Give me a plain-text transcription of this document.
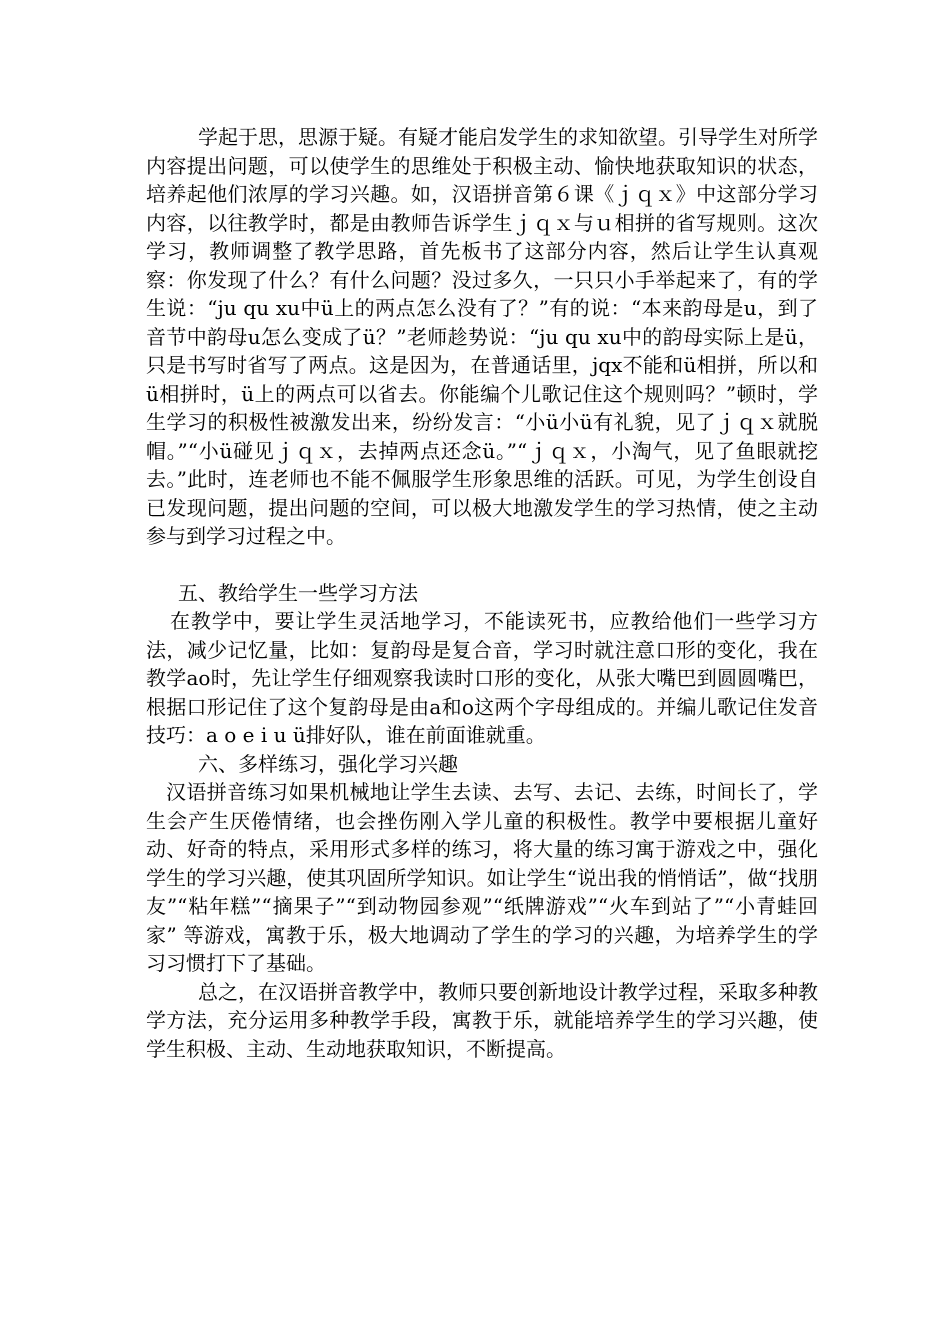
学起于思，思源于疑。有疑才能启发学生的求知欲望。引导学生对所学内容提出问题，可以使学生的思维处于积极主动、愉快地获取知识的状态，培养起他们浓厚的学习兴趣。如，汉语拼音第６课《ｊｑｘ》中这部分学习内容，以往教学时，都是由教师告诉学生ｊｑｘ与ｕ相拼的省写规则。这次学习，教师调整了教学思路，首先板书了这部分内容，然后让学生认真观察：你发现了什么？有什么问题？没过多久，一只只小手举起来了，有的学生说：“ju qu xu中ü上的两点怎么没有了？”有的说：“本来韵母是u，到了音节中韵母u怎么变成了ü？”老师趁势说：“ju qu xu中的韵母实际上是ü，只是书写时省写了两点。这是因为，在普通话里，jqx不能和ü相拼，所以和ü相拼时，ü上的两点可以省去。你能编个儿歌记住这个规则吗？”顿时，学生学习的积极性被激发出来，纷纷发言：“小ü小ü有礼貌，见了ｊｑｘ就脱帽。”“小ü碰见ｊｑｘ，去掉两点还念ü。”“ｊｑｘ，小淘气，见了鱼眼就挖去。”此时，连老师也不能不佩服学生形象思维的活跃。可见，为学生创设自已发现问题，提出问题的空间，可以极大地激发学生的学习热情，使之主动参与到学习过程之中。

五、教给学生一些学习方法

在教学中，要让学生灵活地学习，不能读死书，应教给他们一些学习方法，减少记忆量，比如：复韵母是复合音，学习时就注意口形的变化，我在教学ao时，先让学生仔细观察我读时口形的变化，从张大嘴巴到圆圆嘴巴，根据口形记住了这个复韵母是由a和o这两个字母组成的。并编儿歌记住发音技巧：a o e i u ü排好队，谁在前面谁就重。

六、多样练习，强化学习兴趣

汉语拼音练习如果机械地让学生去读、去写、去记、去练，时间长了，学生会产生厌倦情绪，也会挫伤刚入学儿童的积极性。教学中要根据儿童好动、好奇的特点，采用形式多样的练习，将大量的练习寓于游戏之中，强化学生的学习兴趣，使其巩固所学知识。如让学生“说出我的悄悄话”，做“找朋友”“粘年糕”“摘果子”“到动物园参观”“纸牌游戏”“火车到站了”“小青蛙回家” 等游戏，寓教于乐，极大地调动了学生的学习的兴趣，为培养学生的学习习惯打下了基础。

总之，在汉语拼音教学中，教师只要创新地设计教学过程，采取多种教学方法，充分运用多种教学手段，寓教于乐，就能培养学生的学习兴趣，使学生积极、主动、生动地获取知识，不断提高。
